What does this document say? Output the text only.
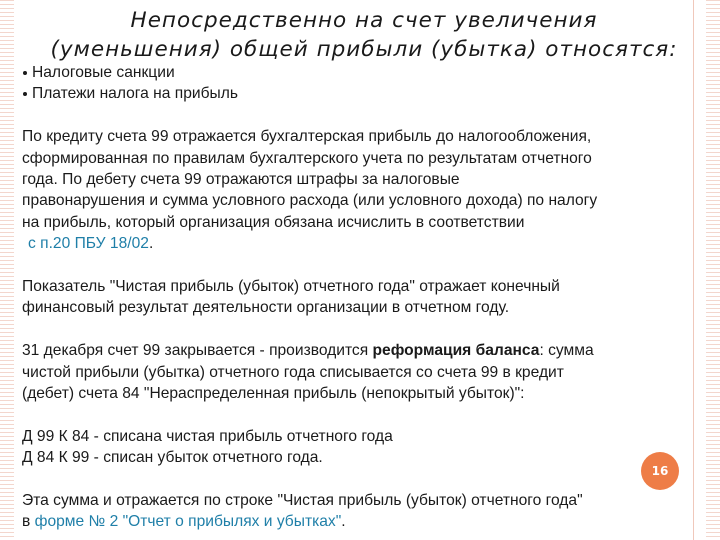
Непосредственно на счет увеличения
(уменьшения) общей прибыли (убытка) относятся:
Налоговые санкции
Платежи налога на прибыль
По кредиту счета 99 отражается бухгалтерская прибыль до налогообложения,
сформированная по правилам бухгалтерского учета по результатам отчетного
года. По дебету счета 99 отражаются штрафы за налоговые
правонарушения и сумма условного расхода (или условного дохода) по налогу
на прибыль, который организация обязана исчислить в соответствии
с п.20 ПБУ 18/02.
Показатель "Чистая прибыль (убыток) отчетного года" отражает конечный
финансовый результат деятельности организации в отчетном году.
31 декабря счет 99 закрывается - производится реформация баланса: сумма
чистой прибыли (убытка) отчетного года списывается со счета 99 в кредит
(дебет) счета 84 "Нераспределенная прибыль (непокрытый убыток)":
Д 99 К 84 - списана чистая прибыль отчетного года
Д 84 К 99 - списан убыток отчетного года.
Эта сумма и отражается по строке "Чистая прибыль (убыток) отчетного года"
в форме № 2 "Отчет о прибылях и убытках".
16
